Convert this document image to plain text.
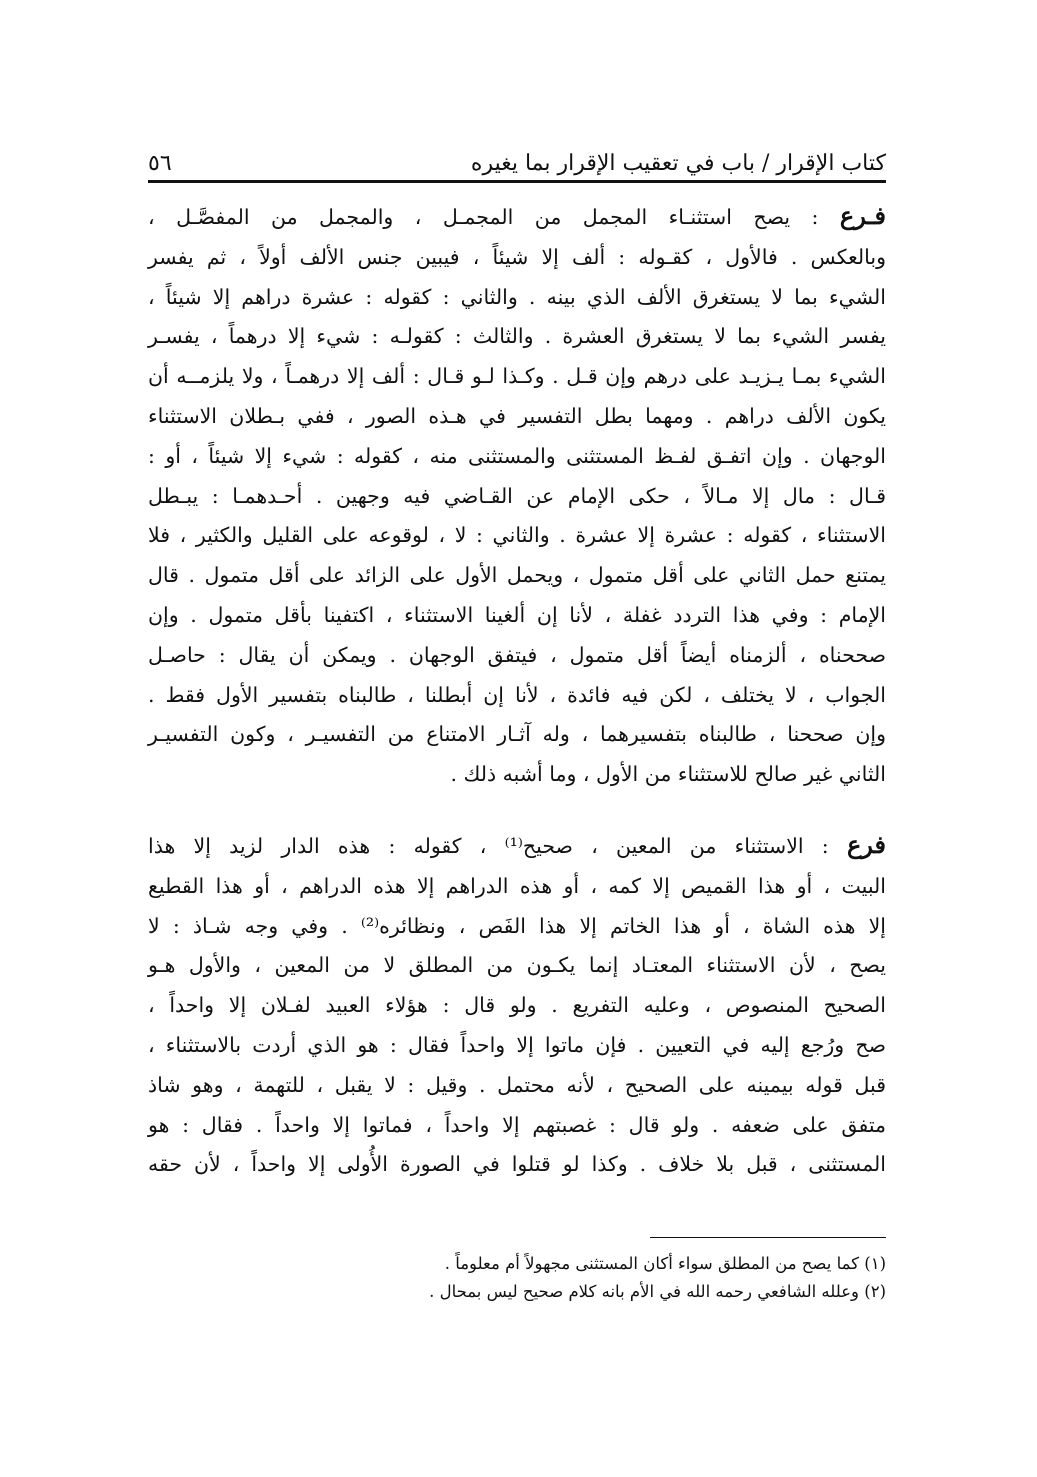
كتاب الإقرار / باب في تعقيب الإقرار بما يغيره
٥٦
فـرع : يصح استثنـاء المجمل من المجمـل ، والمجمل من المفصَّـل ،
وبالعكس . فالأول ، كقـوله : ألف إلا شيئاً ، فيبين جنس الألف أولاً ، ثم يفسر
الشيء بما لا يستغرق الألف الذي بينه . والثاني : كقوله : عشرة دراهم إلا شيئاً ،
يفسر الشيء بما لا يستغرق العشرة . والثالث : كقولـه : شيء إلا درهماً ، يفسـر
الشيء بمـا يـزيـد على درهم وإن قـل . وكـذا لـو قـال : ألف إلا درهمـاً ، ولا يلزمــه أن
يكون الألف دراهم . ومهما بطل التفسير في هـذه الصور ، ففي بـطلان الاستثناء
الوجهان . وإن اتفـق لفـظ المستثنى والمستثنى منه ، كقوله : شيء إلا شيئاً ، أو :
قـال : مال إلا مـالاً ، حكى الإمام عن القـاضي فيه وجهين . أحـدهمـا : يبـطل
الاستثناء ، كقوله : عشرة إلا عشرة . والثاني : لا ، لوقوعه على القليل والكثير ، فلا
يمتنع حمل الثاني على أقل متمول ، ويحمل الأول على الزائد على أقل متمول . قال
الإمام : وفي هذا التردد غفلة ، لأنا إن ألغينا الاستثناء ، اكتفينا بأقل متمول . وإن
صححناه ، ألزمناه أيضاً أقل متمول ، فيتفق الوجهان . ويمكن أن يقال : حاصـل
الجواب ، لا يختلف ، لكن فيه فائدة ، لأنا إن أبطلنا ، طالبناه بتفسير الأول فقط .
وإن صححنا ، طالبناه بتفسيرهما ، وله آثـار الامتناع من التفسيـر ، وكون التفسيـر
الثاني غير صالح للاستثناء من الأول ، وما أشبه ذلك .
فرع : الاستثناء من المعين ، صحيح⁽¹⁾ ، كقوله : هذه الدار لزيد إلا هذا
البيت ، أو هذا القميص إلا كمه ، أو هذه الدراهم إلا هذه الدراهم ، أو هذا القطيع
إلا هذه الشاة ، أو هذا الخاتم إلا هذا الفَص ، ونظائره⁽²⁾ . وفي وجه شـاذ : لا
يصح ، لأن الاستثناء المعتـاد إنما يكـون من المطلق لا من المعين ، والأول هـو
الصحيح المنصوص ، وعليه التفريع . ولو قال : هؤلاء العبيد لفـلان إلا واحداً ،
صح ورُجع إليه في التعيين . فإن ماتوا إلا واحداً فقال : هو الذي أردت بالاستثناء ،
قبل قوله بيمينه على الصحيح ، لأنه محتمل . وقيل : لا يقبل ، للتهمة ، وهو شاذ
متفق على ضعفه . ولو قال : غصبتهم إلا واحداً ، فماتوا إلا واحداً . فقال : هو
المستثنى ، قبل بلا خلاف . وكذا لو قتلوا في الصورة الأُولى إلا واحداً ، لأن حقه
(١) كما يصح من المطلق سواء أكان المستثنى مجهولاً أم معلوماً .
(٢) وعلله الشافعي رحمه الله في الأم بانه كلام صحيح ليس بمحال .
